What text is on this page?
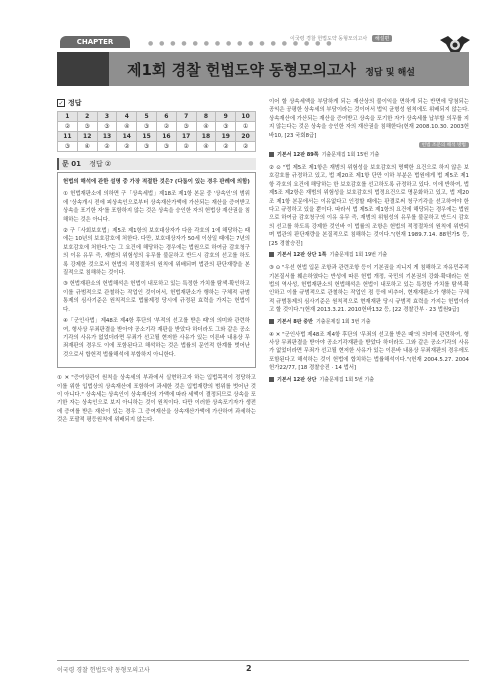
CHAPTER	● ● ● ● ● ● ● ● ● ● ● ● ● ● ● ● ●
이국령 경찰 헌법도약 동형모의고사 해설편
제1회 경찰 헌법도약 동형모의고사 정답 및 해설
✓ 정답
1	2	3	4	5	6	7	8	9	10
②	③	③	④	③	②	③	④	③	①
11	12	13	14	15	16	17	18	19	20
③	④	②	②	③	③	②	④	②	②
문 01 정답 ②
헌법의 해석에 관한 설명 중 가장 적절한 것은? (다툼이 있는 경우 판례에 의함)

① 헌법재판소에 의하면 구「상속세법」제18조 제1항 본문 중 '상속인'의 범위에 '상속개시 전에 피상속인으로부터 상속재산가액에 가산되는 재산을 증여받고 상속을 포기한 자'를 포함하지 않는 것은 상속을 승인한 자의 헌법상 재산권을 침해하는 것은 아니다.

② 구「사회보호법」제5조 제1항의 보호대상자가 다음 각호의 1에 해당하는 때에는 10년의 보호감호에 처한다. 다만, 보호대상자가 50세 이상일 때에는 7년의 보호감호에 처한다."는 그 요건에 해당하는 경우에는 법원으로 하여금 감호청구의 이유 유무 즉, 재범의 위험성의 유무를 불문하고 반드시 감호의 선고를 하도록 강제한 것으로서 헌법의 적정절차의 원칙에 위배되며 법관의 판단재량을 본질적으로 침해하는 것이다.

③ 헌법재판소의 헌법해석은 헌법이 내포하고 있는 특정한 가치를 탐색·확인하고 이를 규범적으로 관철하는 작업인 것이어서, 헌법재판소가 행하는 구체적 규범통제의 심사기준은 원칙적으로 법률제정 당시에 규정된 효력을 가지는 헌법이다.

④「군인사법」제48조 제4항 후단의 '부적의 선고를 받은 때'의 의미와 관련하여, 형사상 무죄판결을 받아야 공소기각 재판을 받았다 하더라도 그와 같은 공소기각의 사유가 없었더라면 무죄가 선고될 현저한 사유가 있는 이른바 내용상 무죄재판의 경우도 이에 포함된다고 해석하는 것은 법률의 문언적 한계를 벗어난 것으로서 합헌적 법률해석에 부합하지 아니한다.

① ✕ "증여상관이 원칙을 상속세의 부과에서 실현하고자 하는 입법목적이 정당하고 이를 위한 입법상의 상속재산에 포함하여 과세한 것은 입법재량의 범위를 벗어난 것이 아니다." 상속세는 상속인이 상속재산의 가액에 따라 세액이 결정되므로 상속을 포기한 자는 상속인으로 보지 아니하는 것이 원칙이다. 다만 이러한 상속포기자가 생전에 증여를 받은 재산이 있는 경우 그 증여재산을 상속재산가액에 가산하여 과세하는 것은 포괄적 평등원칙에 위배되지 않는다.
이어 할 상속세액을 부담하게 되는 재산상의 불이익을 면하게 되는 반면에 당첨되는 공익은 공평한 상속세의 부담이라는 것이어서 법익 균형성 원칙에도 위배되지 않는다. 상속재산에 가산되는 재산을 증여받고 상속을 포기한 자가 상속세를 납부할 의무를 지지 않는다는 것은 상속을 승인한 자의 재산권을 침해한다(헌재 2008.10.30. 2003헌바10, [23 국회8급]
헌법 조문의 해석 방법
기본서 12판 89쪽 기출문제집 1회 15번 기출
② ⊙ "법 제5조 제1항은 재범의 위험성을 보호감호의 명백한 요건으로 하지 않은 보호감호를 규정하고 있고, 법 제20조 제1항 단만 이하 부분은 법원에게 법 제5조 제1항 각호의 요건에 해당하는 한 보호감호를 선고하도록 규정하고 있다. 이에 반하여, 법 제5조 제2항은 재범의 위험성을 보호감호의 법정요건으로 명문화하고 있고, 법 제20조 제1항 본문에서는 이유없다고 인정할 때에는 판결로써 청구기각을 선고하여야 한다고 규정하고 있을 뿐이다. 따라서 법 제5조 제1항의 요건에 해당되는 경우에는 법원으로 하여금 감호청구의 이유 유무 즉, 재범의 위험성의 유무를 불문하고 반드시 감호의 선고를 하도록 강제한 것인바 이 법률의 조항은 헌법의 적정절차의 원칙에 위반되며 법관의 판단재량을 본질적으로 침해하는 것이다."(헌재 1989.7.14. 88헌가5 등, [25 경찰승진]
기본서 12판 상단 1쪽 기출문제집 1회 19번 기출
③ ⊙ "우선 헌법 입문 조항과 관련조항 등이 기본권을 지니지 게 침해하고 자유민주적 기본질서를 훼손하였다는 반성에 따른 헌법 개정, 국민의 기본권의 강화·확대라는 헌법의 역사성, 헌법재판소의 헌법해석은 헌법이 내포하고 있는 특정한 가치를 탐색·확인하고 이를 규범적으로 관철하는 작업인 점 등에 비추어, 현재재판소가 행하는 구체적 규범통제의 심사기준은 원칙적으로 현재재판 당시 규범적 효력을 가지는 헌법이라고 할 것이다."(헌재 2013.3.21. 2010헌바132 등, [22 경찰간부 · 23 법원9급]
기본서 8판 중반 기출문제집 1회 3번 기출
④ ✕ "군인사법 제48조 제4항 후단의 '무죄의 선고를 받은 때'의 의미에 관련하여, 형사상 무죄판결을 받아야 공소기각재판을 받았다 하더라도 그와 같은 공소기각의 사유가 없었더라면 무죄가 선고될 현저한 사유가 있는 이른바 내용상 무죄재판의 경우에도 포함된다고 해석하는 것이 헌법에 합치하는 법률해석이다."(헌재 2004.5.27. 2004헌가22/77, [18 경찰승진 · 14 법서]
기본서 12판 상단 기출문제집 1회 5번 기출
이국령 경찰 헌법도약 동형모의고사	2
